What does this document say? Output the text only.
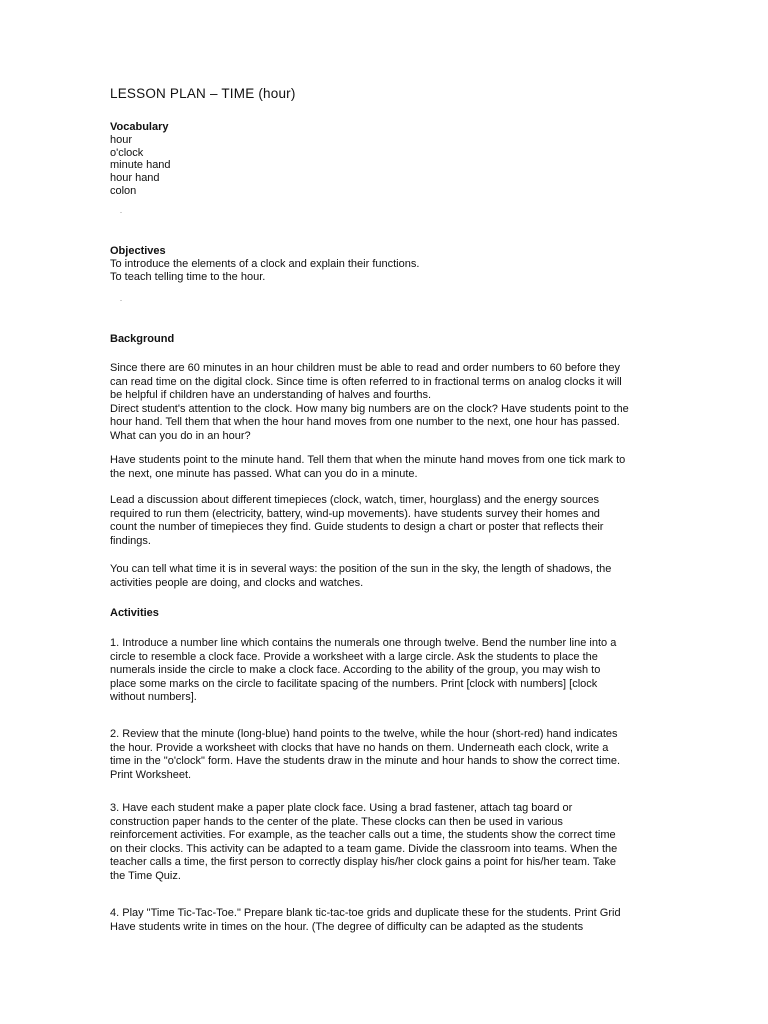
LESSON PLAN – TIME (hour)
Vocabulary
hour
o'clock
minute hand
hour hand
colon
Objectives
To introduce the elements of a clock and explain their functions.
To teach telling time to the hour.
Background
Since there are 60 minutes in an hour children must be able to read and order numbers to 60 before they
can read time on the digital clock. Since time is often referred to in fractional terms on analog clocks it will
be helpful if children have an understanding of halves and fourths.
Direct student's attention to the clock. How many big numbers are on the clock? Have students point to the
hour hand. Tell them that when the hour hand moves from one number to the next, one hour has passed.
What can you do in an hour?
Have students point to the minute hand. Tell them that when the minute hand moves from one tick mark to
the next, one minute has passed. What can you do in a minute.
Lead a discussion about different timepieces (clock, watch, timer, hourglass) and the energy sources
required to run them (electricity, battery, wind-up movements). have students survey their homes and
count the number of timepieces they find. Guide students to design a chart or poster that reflects their
findings.
You can tell what time it is in several ways: the position of the sun in the sky, the length of shadows, the
activities people are doing, and clocks and watches.
Activities
1. Introduce a number line which contains the numerals one through twelve. Bend the number line into a
circle to resemble a clock face. Provide a worksheet with a large circle. Ask the students to place the
numerals inside the circle to make a clock face. According to the ability of the group, you may wish to
place some marks on the circle to facilitate spacing of the numbers. Print [clock with numbers] [clock
without numbers].
2. Review that the minute (long-blue) hand points to the twelve, while the hour (short-red) hand indicates
the hour. Provide a worksheet with clocks that have no hands on them. Underneath each clock, write a
time in the "o'clock" form. Have the students draw in the minute and hour hands to show the correct time.
Print Worksheet.
3. Have each student make a paper plate clock face. Using a brad fastener, attach tag board or
construction paper hands to the center of the plate. These clocks can then be used in various
reinforcement activities. For example, as the teacher calls out a time, the students show the correct time
on their clocks. This activity can be adapted to a team game. Divide the classroom into teams. When the
teacher calls a time, the first person to correctly display his/her clock gains a point for his/her team. Take
the Time Quiz.
4. Play "Time Tic-Tac-Toe." Prepare blank tic-tac-toe grids and duplicate these for the students. Print Grid
Have students write in times on the hour. (The degree of difficulty can be adapted as the students
